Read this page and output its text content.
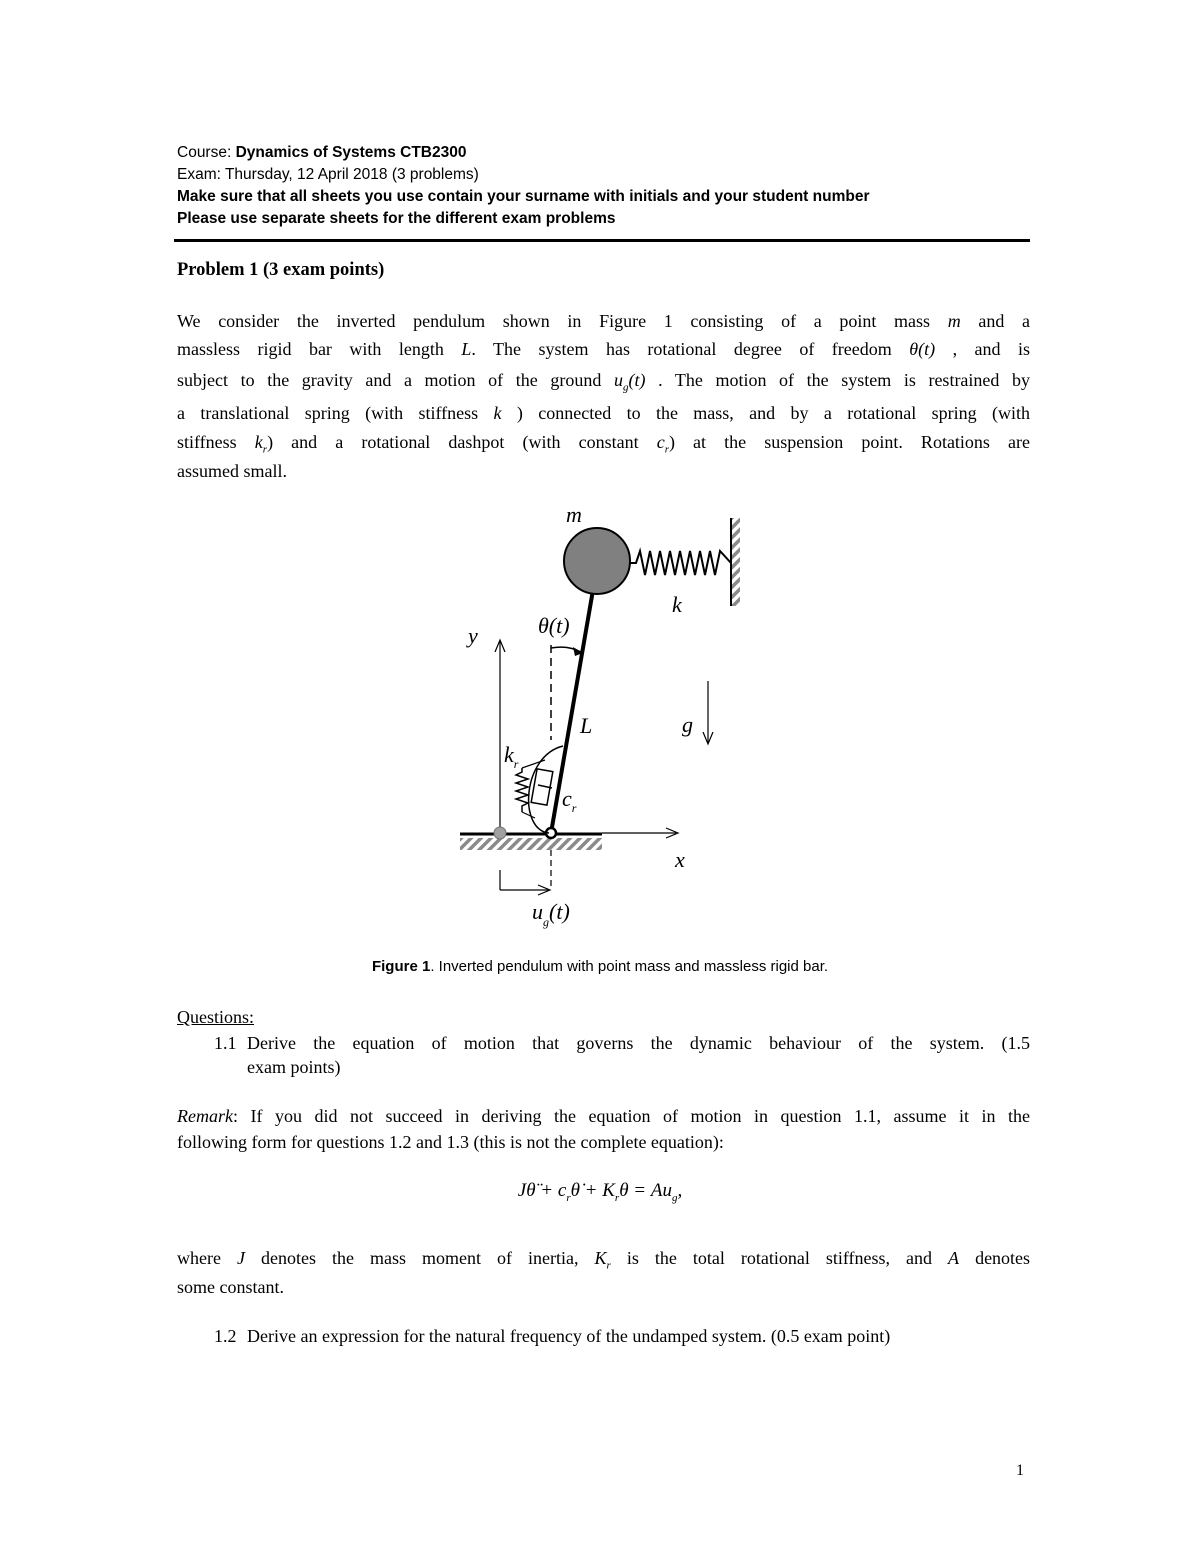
Course: Dynamics of Systems CTB2300
Exam: Thursday, 12 April 2018 (3 problems)
Make sure that all sheets you use contain your surname with initials and your student number
Please use separate sheets for the different exam problems
Problem 1 (3 exam points)
We consider the inverted pendulum shown in Figure 1 consisting of a point mass m and a
massless rigid bar with length L. The system has rotational degree of freedom θ(t) , and is
subject to the gravity and a motion of the ground $u_g(t)$ . The motion of the system is restrained by
a translational spring (with stiffness k ) connected to the mass, and by a rotational spring (with
stiffness $k_r$) and a rotational dashpot (with constant $c_r$) at the suspension point. Rotations are
assumed small.
m
k
y	θ(t)
L	g
$k_r$
$c_r$
x
$u_g(t)$
Figure 1. Inverted pendulum with point mass and massless rigid bar.
Questions:
1.1 Derive the equation of motion that governs the dynamic behaviour of the system. (1.5
exam points)
Remark: If you did not succeed in deriving the equation of motion in question 1.1, assume it in the
following form for questions 1.2 and 1.3 (this is not the complete equation):
Jθ̈ + $c_r\thetȧ + K_r\theta = Au_g$,
where J denotes the mass moment of inertia, $K_r$ is the total rotational stiffness, and A denotes
some constant.
1.2 Derive an expression for the natural frequency of the undamped system. (0.5 exam point)
1
